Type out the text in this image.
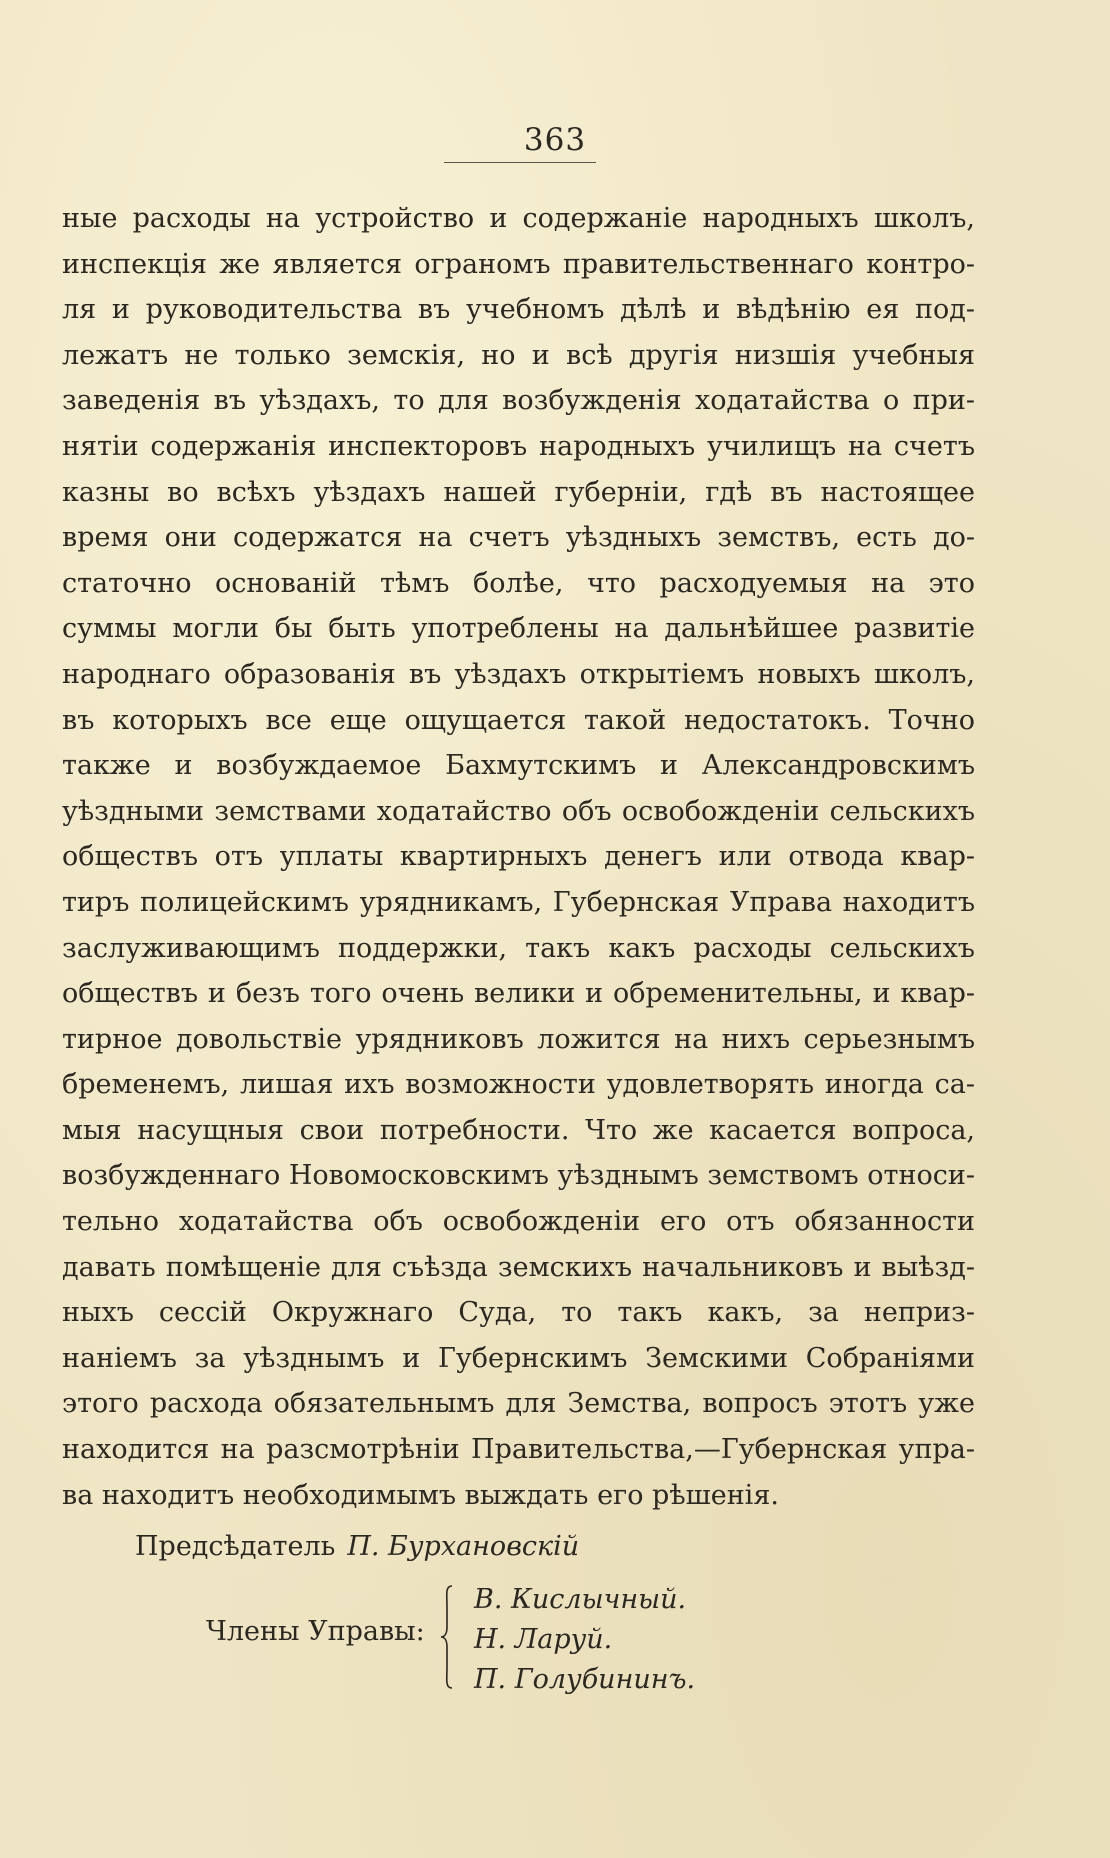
363
ные расходы на устройство и содержаніе народныхъ школъ,
инспекція же является ограномъ правительственнаго контро-
ля и руководительства въ учебномъ дѣлѣ и вѣдѣнію ея под-
лежатъ не только земскія, но и всѣ другія низшія учебныя
заведенія въ уѣздахъ, то для возбужденія ходатайства о при-
нятіи содержанія инспекторовъ народныхъ училищъ на счетъ
казны во всѣхъ уѣздахъ нашей губерніи, гдѣ въ настоящее
время они содержатся на счетъ уѣздныхъ земствъ, есть до-
статочно основаній тѣмъ болѣе, что расходуемыя на это
суммы могли бы быть употреблены на дальнѣйшее развитіе
народнаго образованія въ уѣздахъ открытіемъ новыхъ школъ,
въ которыхъ все еще ощущается такой недостатокъ. Точно
также и возбуждаемое Бахмутскимъ и Александровскимъ
уѣздными земствами ходатайство объ освобожденіи сельскихъ
обществъ отъ уплаты квартирныхъ денегъ или отвода квар-
тиръ полицейскимъ урядникамъ, Губернская Управа находитъ
заслуживающимъ поддержки, такъ какъ расходы сельскихъ
обществъ и безъ того очень велики и обременительны, и квар-
тирное довольствіе урядниковъ ложится на нихъ серьезнымъ
бременемъ, лишая ихъ возможности удовлетворять иногда са-
мыя насущныя свои потребности. Что же касается вопроса,
возбужденнаго Новомосковскимъ уѣзднымъ земствомъ относи-
тельно ходатайства объ освобожденіи его отъ обязанности
давать помѣщеніе для съѣзда земскихъ начальниковъ и выѣзд-
ныхъ сессій Окружнаго Суда, то такъ какъ, за неприз-
наніемъ за уѣзднымъ и Губернскимъ Земскими Собраніями
этого расхода обязательнымъ для Земства, вопросъ этотъ уже
находится на разсмотрѣніи Правительства,—Губернская упра-
ва находитъ необходимымъ выждать его рѣшенія.
Предсѣдатель П. Бурхановскій
Члены Управы:
В. Кислычный.
Н. Ларуй.
П. Голубининъ.
